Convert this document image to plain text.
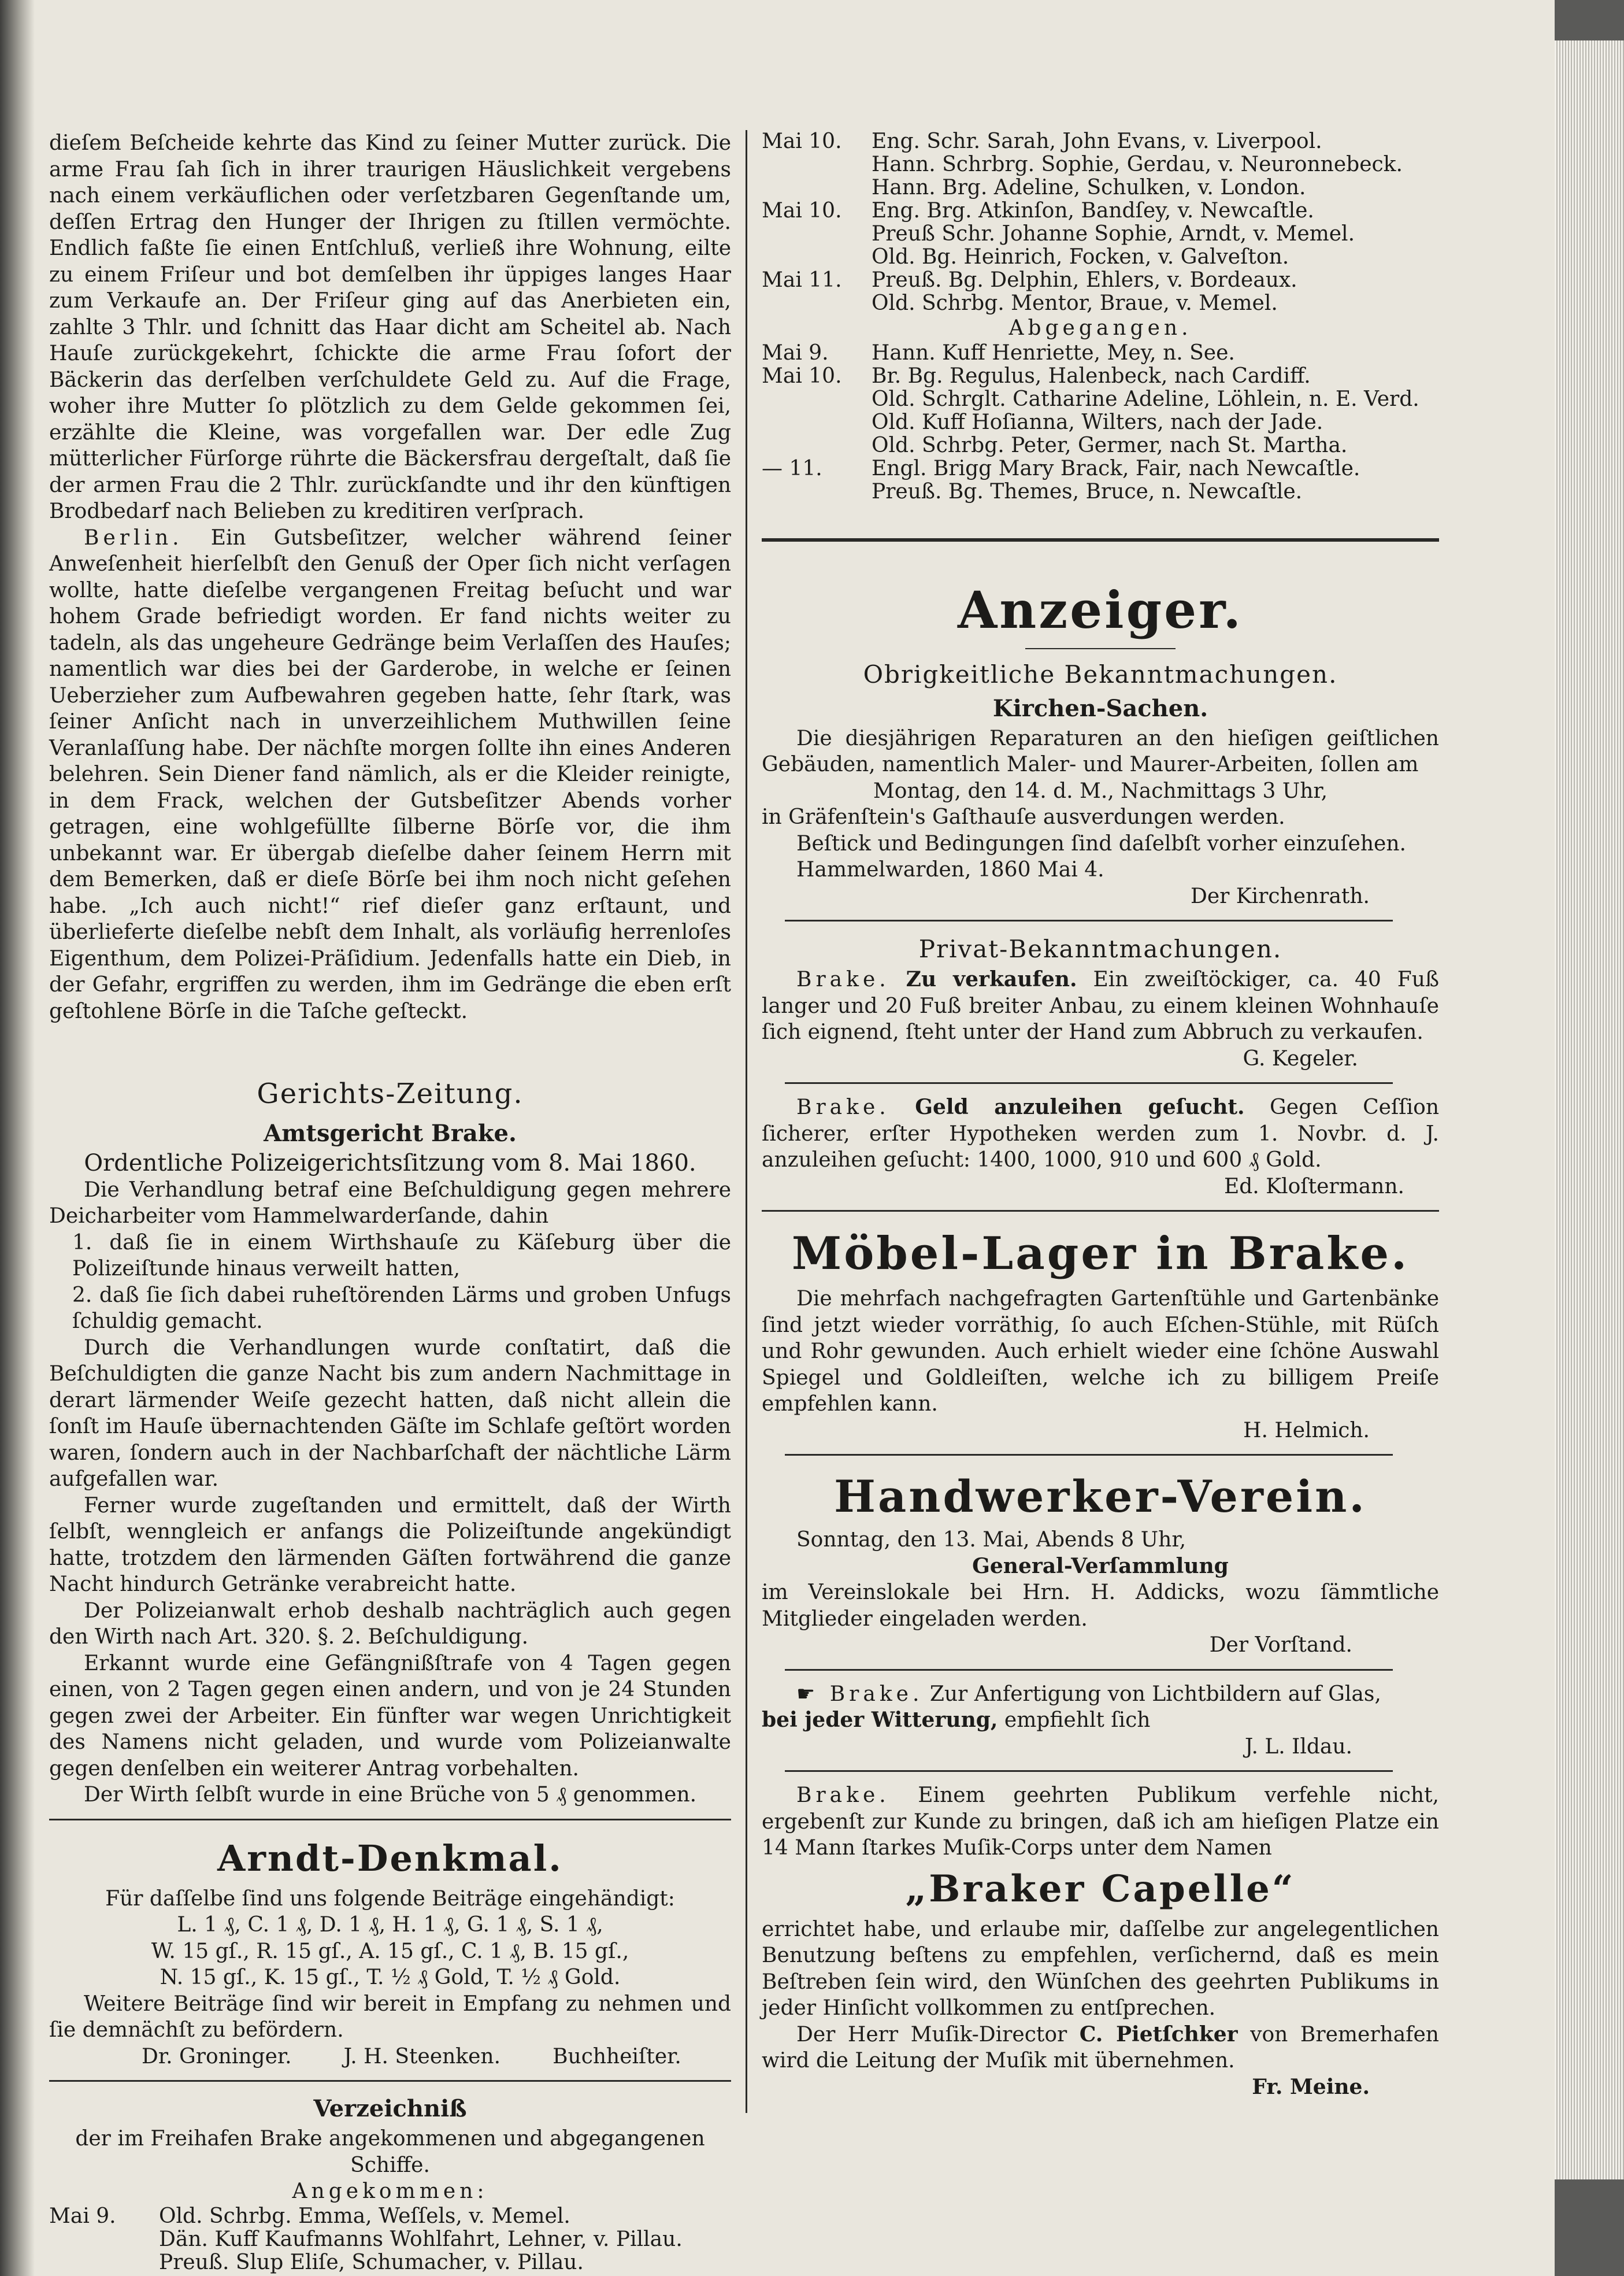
dieſem Beſcheide kehrte das Kind zu ſeiner Mutter zurück. Die arme Frau ſah ſich in ihrer traurigen Häuslichkeit vergebens nach einem verkäuflichen oder verſetzbaren Gegenſtande um, deſſen Ertrag den Hunger der Ihrigen zu ſtillen vermöchte. Endlich faßte ſie einen Entſchluß, verließ ihre Wohnung, eilte zu einem Friſeur und bot demſelben ihr üppiges langes Haar zum Verkaufe an. Der Friſeur ging auf das Anerbieten ein, zahlte 3 Thlr. und ſchnitt das Haar dicht am Scheitel ab. Nach Hauſe zurückgekehrt, ſchickte die arme Frau ſofort der Bäckerin das derſelben verſchuldete Geld zu. Auf die Frage, woher ihre Mutter ſo plötzlich zu dem Gelde gekommen ſei, erzählte die Kleine, was vorgefallen war. Der edle Zug mütterlicher Fürſorge rührte die Bäckersfrau dergeſtalt, daß ſie der armen Frau die 2 Thlr. zurückſandte und ihr den künftigen Brodbedarf nach Belieben zu kreditiren verſprach.

Berlin. Ein Gutsbeſitzer, welcher während ſeiner Anweſenheit hierſelbſt den Genuß der Oper ſich nicht verſagen wollte, hatte dieſelbe vergangenen Freitag beſucht und war hohem Grade befriedigt worden. Er fand nichts weiter zu tadeln, als das ungeheure Gedränge beim Verlaſſen des Hauſes; namentlich war dies bei der Garderobe, in welche er ſeinen Ueberzieher zum Aufbewahren gegeben hatte, ſehr ſtark, was ſeiner Anſicht nach in unverzeihlichem Muthwillen ſeine Veranlaſſung habe. Der nächſte morgen ſollte ihn eines Anderen belehren. Sein Diener fand nämlich, als er die Kleider reinigte, in dem Frack, welchen der Gutsbeſitzer Abends vorher getragen, eine wohlgefüllte ſilberne Börſe vor, die ihm unbekannt war. Er übergab dieſelbe daher ſeinem Herrn mit dem Bemerken, daß er dieſe Börſe bei ihm noch nicht geſehen habe. „Ich auch nicht!“ rief dieſer ganz erſtaunt, und überlieferte dieſelbe nebſt dem Inhalt, als vorläufig herrenloſes Eigenthum, dem Polizei-Präſidium. Jedenfalls hatte ein Dieb, in der Gefahr, ergriffen zu werden, ihm im Gedränge die eben erſt geſtohlene Börſe in die Taſche geſteckt.

Gerichts-Zeitung.
Amtsgericht Brake.

Ordentliche Polizeigerichtsſitzung vom 8. Mai 1860.

Die Verhandlung betraf eine Beſchuldigung gegen mehrere Deicharbeiter vom Hammelwarderſande, dahin

1. daß ſie in einem Wirthshauſe zu Käſeburg über die Polizeiſtunde hinaus verweilt hatten,

2. daß ſie ſich dabei ruheſtörenden Lärms und groben Unfugs ſchuldig gemacht.

Durch die Verhandlungen wurde conſtatirt, daß die Beſchuldigten die ganze Nacht bis zum andern Nachmittage in derart lärmender Weiſe gezecht hatten, daß nicht allein die ſonſt im Hauſe übernachtenden Gäſte im Schlafe geſtört worden waren, ſondern auch in der Nachbarſchaft der nächtliche Lärm aufgefallen war.

Ferner wurde zugeſtanden und ermittelt, daß der Wirth ſelbſt, wenngleich er anfangs die Polizeiſtunde angekündigt hatte, trotzdem den lärmenden Gäſten fortwährend die ganze Nacht hindurch Getränke verabreicht hatte.

Der Polizeianwalt erhob deshalb nachträglich auch gegen den Wirth nach Art. 320. §. 2. Beſchuldigung.

Erkannt wurde eine Gefängnißſtrafe von 4 Tagen gegen einen, von 2 Tagen gegen einen andern, und von je 24 Stunden gegen zwei der Arbeiter. Ein fünfter war wegen Unrichtigkeit des Namens nicht geladen, und wurde vom Polizeianwalte gegen denſelben ein weiterer Antrag vorbehalten.

Der Wirth ſelbſt wurde in eine Brüche von 5 ₰ genommen.

Arndt-Denkmal.

Für daſſelbe ſind uns folgende Beiträge eingehändigt:

L. 1 ₰, C. 1 ₰, D. 1 ₰, H. 1 ₰, G. 1 ₰, S. 1 ₰,

W. 15 gſ., R. 15 gſ., A. 15 gſ., C. 1 ₰, B. 15 gſ.,

N. 15 gſ., K. 15 gſ., T. ½ ₰ Gold, T. ½ ₰ Gold.

Weitere Beiträge ſind wir bereit in Empfang zu nehmen und ſie demnächſt zu befördern.

Dr. Groninger.	J. H. Steenken.	Buchheiſter.
Verzeichniß

der im Freihafen Brake angekommenen und abgegangenen Schiffe.

Angekommen:

Mai 9.	Old. Schrbg. Emma, Weſſels, v. Memel.
	Dän. Kuff Kaufmanns Wohlfahrt, Lehner, v. Pillau.
	Preuß. Slup Eliſe, Schumacher, v. Pillau.
Mai 10.	Eng. Schr. Sarah, John Evans, v. Liverpool.
	Hann. Schrbrg. Sophie, Gerdau, v. Neuronnebeck.
	Hann. Brg. Adeline, Schulken, v. London.
Mai 10.	Eng. Brg. Atkinſon, Bandſey, v. Newcaſtle.
	Preuß Schr. Johanne Sophie, Arndt, v. Memel.
	Old. Bg. Heinrich, Focken, v. Galveſton.
Mai 11.	Preuß. Bg. Delphin, Ehlers, v. Bordeaux.
	Old. Schrbg. Mentor, Braue, v. Memel.

Abgegangen.

Mai 9.	Hann. Kuff Henriette, Mey, n. See.
Mai 10.	Br. Bg. Regulus, Halenbeck, nach Cardiff.
	Old. Schrglt. Catharine Adeline, Löhlein, n. E. Verd.
	Old. Kuff Hoſianna, Wilters, nach der Jade.
	Old. Schrbg. Peter, Germer, nach St. Martha.
— 11.	Engl. Brigg Mary Brack, Fair, nach Newcaſtle.
	Preuß. Bg. Themes, Bruce, n. Newcaſtle.
Anzeiger.
Obrigkeitliche Bekanntmachungen.
Kirchen-Sachen.

Die diesjährigen Reparaturen an den hieſigen geiſtlichen Gebäuden, namentlich Maler- und Maurer-Arbeiten, ſollen am

Montag, den 14. d. M., Nachmittags 3 Uhr,

in Gräfenſtein's Gaſthauſe ausverdungen werden.

Beſtick und Bedingungen ſind daſelbſt vorher einzuſehen.

Hammelwarden, 1860 Mai 4.

Der Kirchenrath.

Privat-Bekanntmachungen.

Brake. Zu verkaufen. Ein zweiſtöckiger, ca. 40 Fuß langer und 20 Fuß breiter Anbau, zu einem kleinen Wohnhauſe ſich eignend, ſteht unter der Hand zum Abbruch zu verkaufen.

G. Kegeler.

Brake. Geld anzuleihen geſucht. Gegen Ceſſion ſicherer, erſter Hypotheken werden zum 1. Novbr. d. J. anzuleihen geſucht: 1400, 1000, 910 und 600 ₰ Gold.

Ed. Kloſtermann.

Möbel-Lager in Brake.

Die mehrfach nachgefragten Gartenſtühle und Gartenbänke ſind jetzt wieder vorräthig, ſo auch Eſchen-Stühle, mit Rüſch und Rohr gewunden. Auch erhielt wieder eine ſchöne Auswahl Spiegel und Goldleiſten, welche ich zu billigem Preiſe empfehlen kann.

H. Helmich.

Handwerker-Verein.

Sonntag, den 13. Mai, Abends 8 Uhr,

General-Verſammlung

im Vereinslokale bei Hrn. H. Addicks, wozu ſämmtliche Mitglieder eingeladen werden.

Der Vorſtand.

☛ Brake. Zur Anfertigung von Lichtbildern auf Glas,

bei jeder Witterung, empfiehlt ſich

J. L. Ildau.

Brake. Einem geehrten Publikum verfehle nicht, ergebenſt zur Kunde zu bringen, daß ich am hieſigen Platze ein 14 Mann ſtarkes Muſik-Corps unter dem Namen

„Braker Capelle“

errichtet habe, und erlaube mir, daſſelbe zur angelegentlichen Benutzung beſtens zu empfehlen, verſichernd, daß es mein Beſtreben ſein wird, den Wünſchen des geehrten Publikums in jeder Hinſicht vollkommen zu entſprechen.

Der Herr Muſik-Director C. Pietſchker von Bremerhafen wird die Leitung der Muſik mit übernehmen.

Fr. Meine.
